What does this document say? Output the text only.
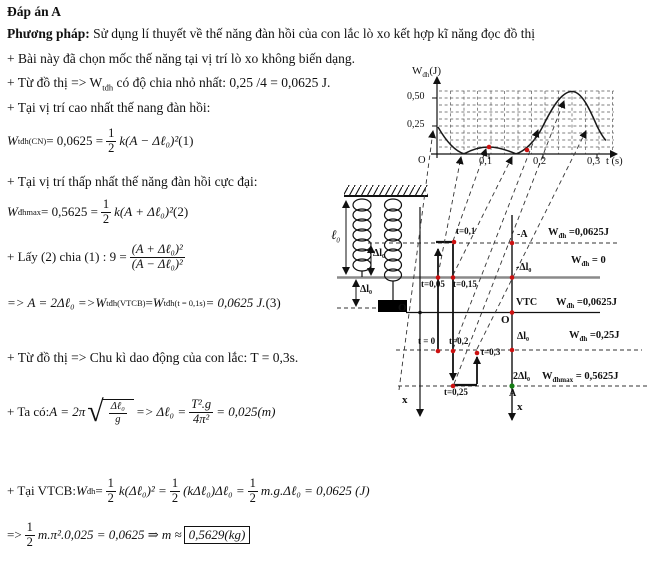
$W_{đh}(J)$
0,50
0,25
O	0,1	0,2	0,3 t (s)
ℓ$_0$
Δl₀
Δl₀
t=0,1
t=0,05 t=0,15
t = 0 t=0,2
t=0,3
t=0,25
-A
-Δl₀
VTC
Δl₀
2Δl₀
A
x
x
O
O
$W_{đh} =0,0625J$
$W_{đh} = 0$
$W_{đh} =0,0625J$
$W_{đh} =0,25J$
$W_{đhmax} = 0,5625J$
Đáp án A
Phương pháp: Sử dụng lí thuyết về thế năng đàn hồi của con lắc lò xo kết hợp kĩ năng đọc đồ thị
+ Bài này đã chọn mốc thế năng tại vị trí lò xo không biến dạng.
+ Từ đồ thị => $W_{tđh}$ có độ chia nhỏ nhất: 0,25 /4 = 0,0625 J.
+ Tại vị trí cao nhất thế nang đàn hồi:
W tđh(CN) = $0,0625 = \frac{1}{2} k(A$ − Δℓ₀)² (1)
+ Tại vị trí thấp nhất thế năng đàn hồi cực đại:
W đhmax = $0,5625 = \frac{1}{2} k(A$ + Δℓ₀)² (2)
+ Lấy (2) chia (1) : $9 = \frac{\text{(A + Δℓ₀)²}}{\text{(A − Δℓ₀)²}}$
=> A = 2Δℓ₀ => W tđh(VTCB) = W tđh(t = 0,1s) = 0,0625 J. (3)
+ Từ đồ thị => Chu kì dao động của con lắc: T = 0,3s.
+ Ta có: A = 2π √ $\frac{\text{Δℓ₀}}{g}$ => Δℓ₀ = $\frac{\text{T².g}}{\text{4π²}} = 0,025(m)$
+ Tại VTCB: W đh = $\frac{1}{2}$ k(Δℓ₀)² = $\frac{1}{2}$ (kΔℓ₀)Δℓ₀ = $\frac{1}{2}$ m.g.Δℓ₀ = 0,0625 (J)
=> $\frac{1}{2} m.\pi^2.0,025 = 0,0625$ ⇒ m ≈ 0,5629(kg)
